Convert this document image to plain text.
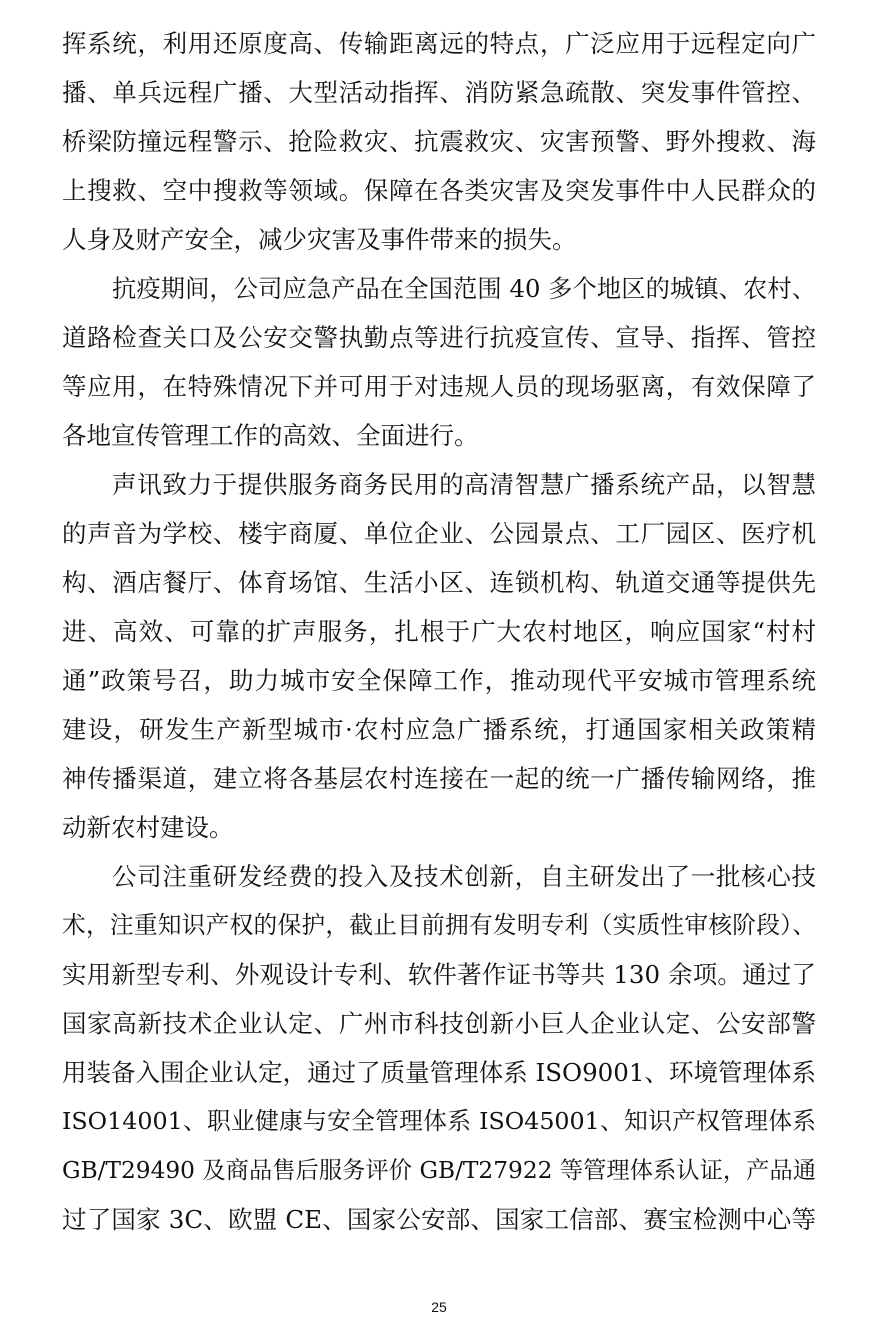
挥系统，利用还原度高、传输距离远的特点，广泛应用于远程定向广
播、单兵远程广播、大型活动指挥、消防紧急疏散、突发事件管控、
桥梁防撞远程警示、抢险救灾、抗震救灾、灾害预警、野外搜救、海
上搜救、空中搜救等领域。保障在各类灾害及突发事件中人民群众的
人身及财产安全，减少灾害及事件带来的损失。
抗疫期间，公司应急产品在全国范围 40 多个地区的城镇、农村、
道路检查关口及公安交警执勤点等进行抗疫宣传、宣导、指挥、管控
等应用，在特殊情况下并可用于对违规人员的现场驱离，有效保障了
各地宣传管理工作的高效、全面进行。
声讯致力于提供服务商务民用的高清智慧广播系统产品，以智慧
的声音为学校、楼宇商厦、单位企业、公园景点、工厂园区、医疗机
构、酒店餐厅、体育场馆、生活小区、连锁机构、轨道交通等提供先
进、高效、可靠的扩声服务，扎根于广大农村地区，响应国家“村村
通”政策号召，助力城市安全保障工作，推动现代平安城市管理系统
建设，研发生产新型城市·农村应急广播系统，打通国家相关政策精
神传播渠道，建立将各基层农村连接在一起的统一广播传输网络，推
动新农村建设。
公司注重研发经费的投入及技术创新，自主研发出了一批核心技
术，注重知识产权的保护，截止目前拥有发明专利（实质性审核阶段）、
实用新型专利、外观设计专利、软件著作证书等共 130 余项。通过了
国家高新技术企业认定、广州市科技创新小巨人企业认定、公安部警
用装备入围企业认定，通过了质量管理体系 ISO9001、环境管理体系
ISO14001、职业健康与安全管理体系 ISO45001、知识产权管理体系
GB/T29490 及商品售后服务评价 GB/T27922 等管理体系认证，产品通
过了国家 3C、欧盟 CE、国家公安部、国家工信部、赛宝检测中心等
25
